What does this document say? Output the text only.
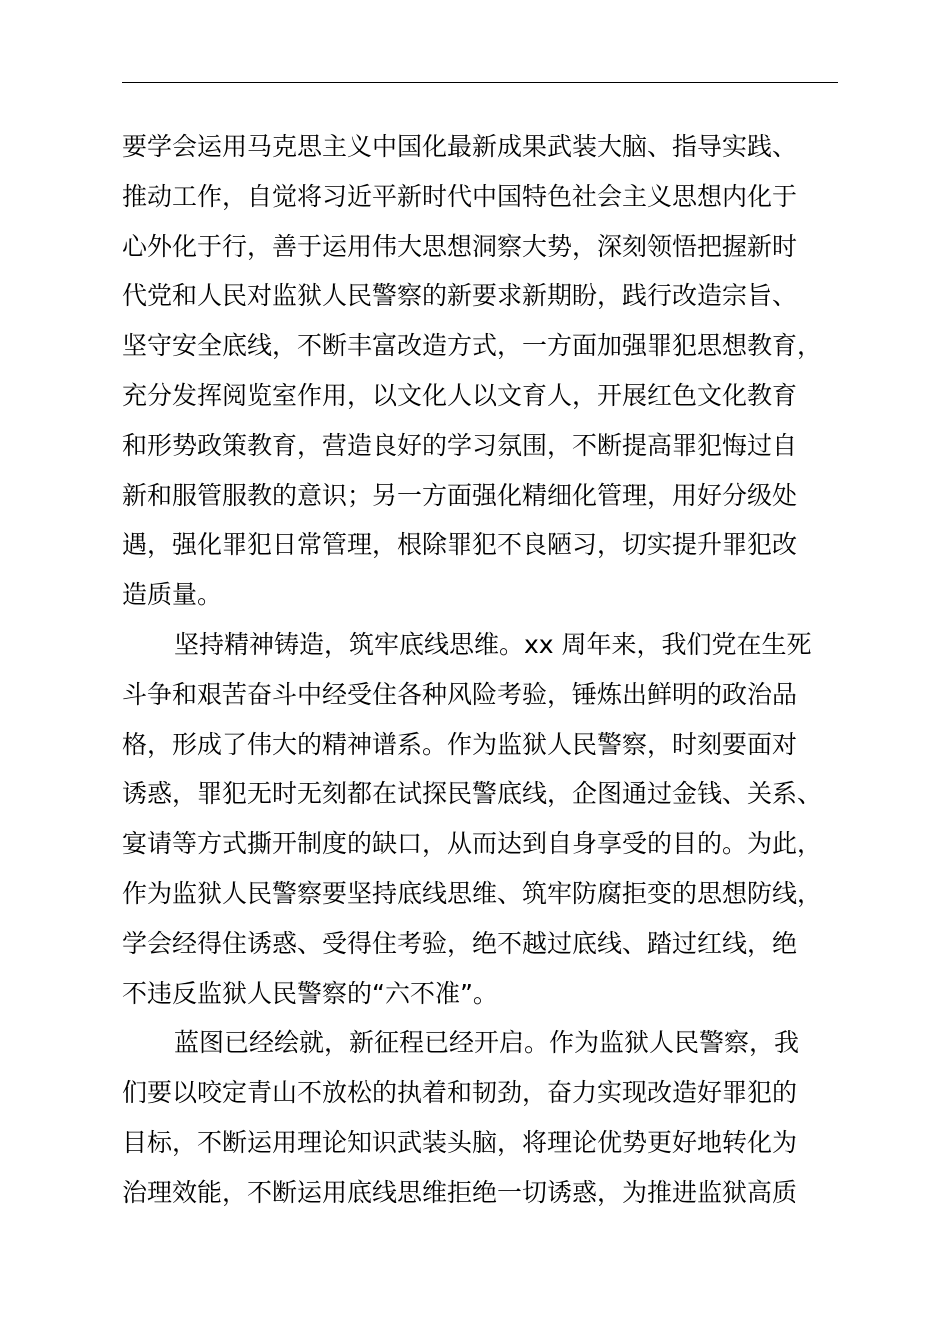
要学会运用马克思主义中国化最新成果武装大脑、指导实践、
推动工作，自觉将习近平新时代中国特色社会主义思想内化于
心外化于行，善于运用伟大思想洞察大势，深刻领悟把握新时
代党和人民对监狱人民警察的新要求新期盼，践行改造宗旨、
坚守安全底线，不断丰富改造方式，一方面加强罪犯思想教育，
充分发挥阅览室作用，以文化人以文育人，开展红色文化教育
和形势政策教育，营造良好的学习氛围，不断提高罪犯悔过自
新和服管服教的意识；另一方面强化精细化管理，用好分级处
遇，强化罪犯日常管理，根除罪犯不良陋习，切实提升罪犯改
造质量。
坚持精神铸造，筑牢底线思维。xx 周年来，我们党在生死
斗争和艰苦奋斗中经受住各种风险考验，锤炼出鲜明的政治品
格，形成了伟大的精神谱系。作为监狱人民警察，时刻要面对
诱惑，罪犯无时无刻都在试探民警底线，企图通过金钱、关系、
宴请等方式撕开制度的缺口，从而达到自身享受的目的。为此，
作为监狱人民警察要坚持底线思维、筑牢防腐拒变的思想防线，
学会经得住诱惑、受得住考验，绝不越过底线、踏过红线，绝
不违反监狱人民警察的“六不准”。
蓝图已经绘就，新征程已经开启。作为监狱人民警察，我
们要以咬定青山不放松的执着和韧劲，奋力实现改造好罪犯的
目标，不断运用理论知识武装头脑，将理论优势更好地转化为
治理效能，不断运用底线思维拒绝一切诱惑，为推进监狱高质
